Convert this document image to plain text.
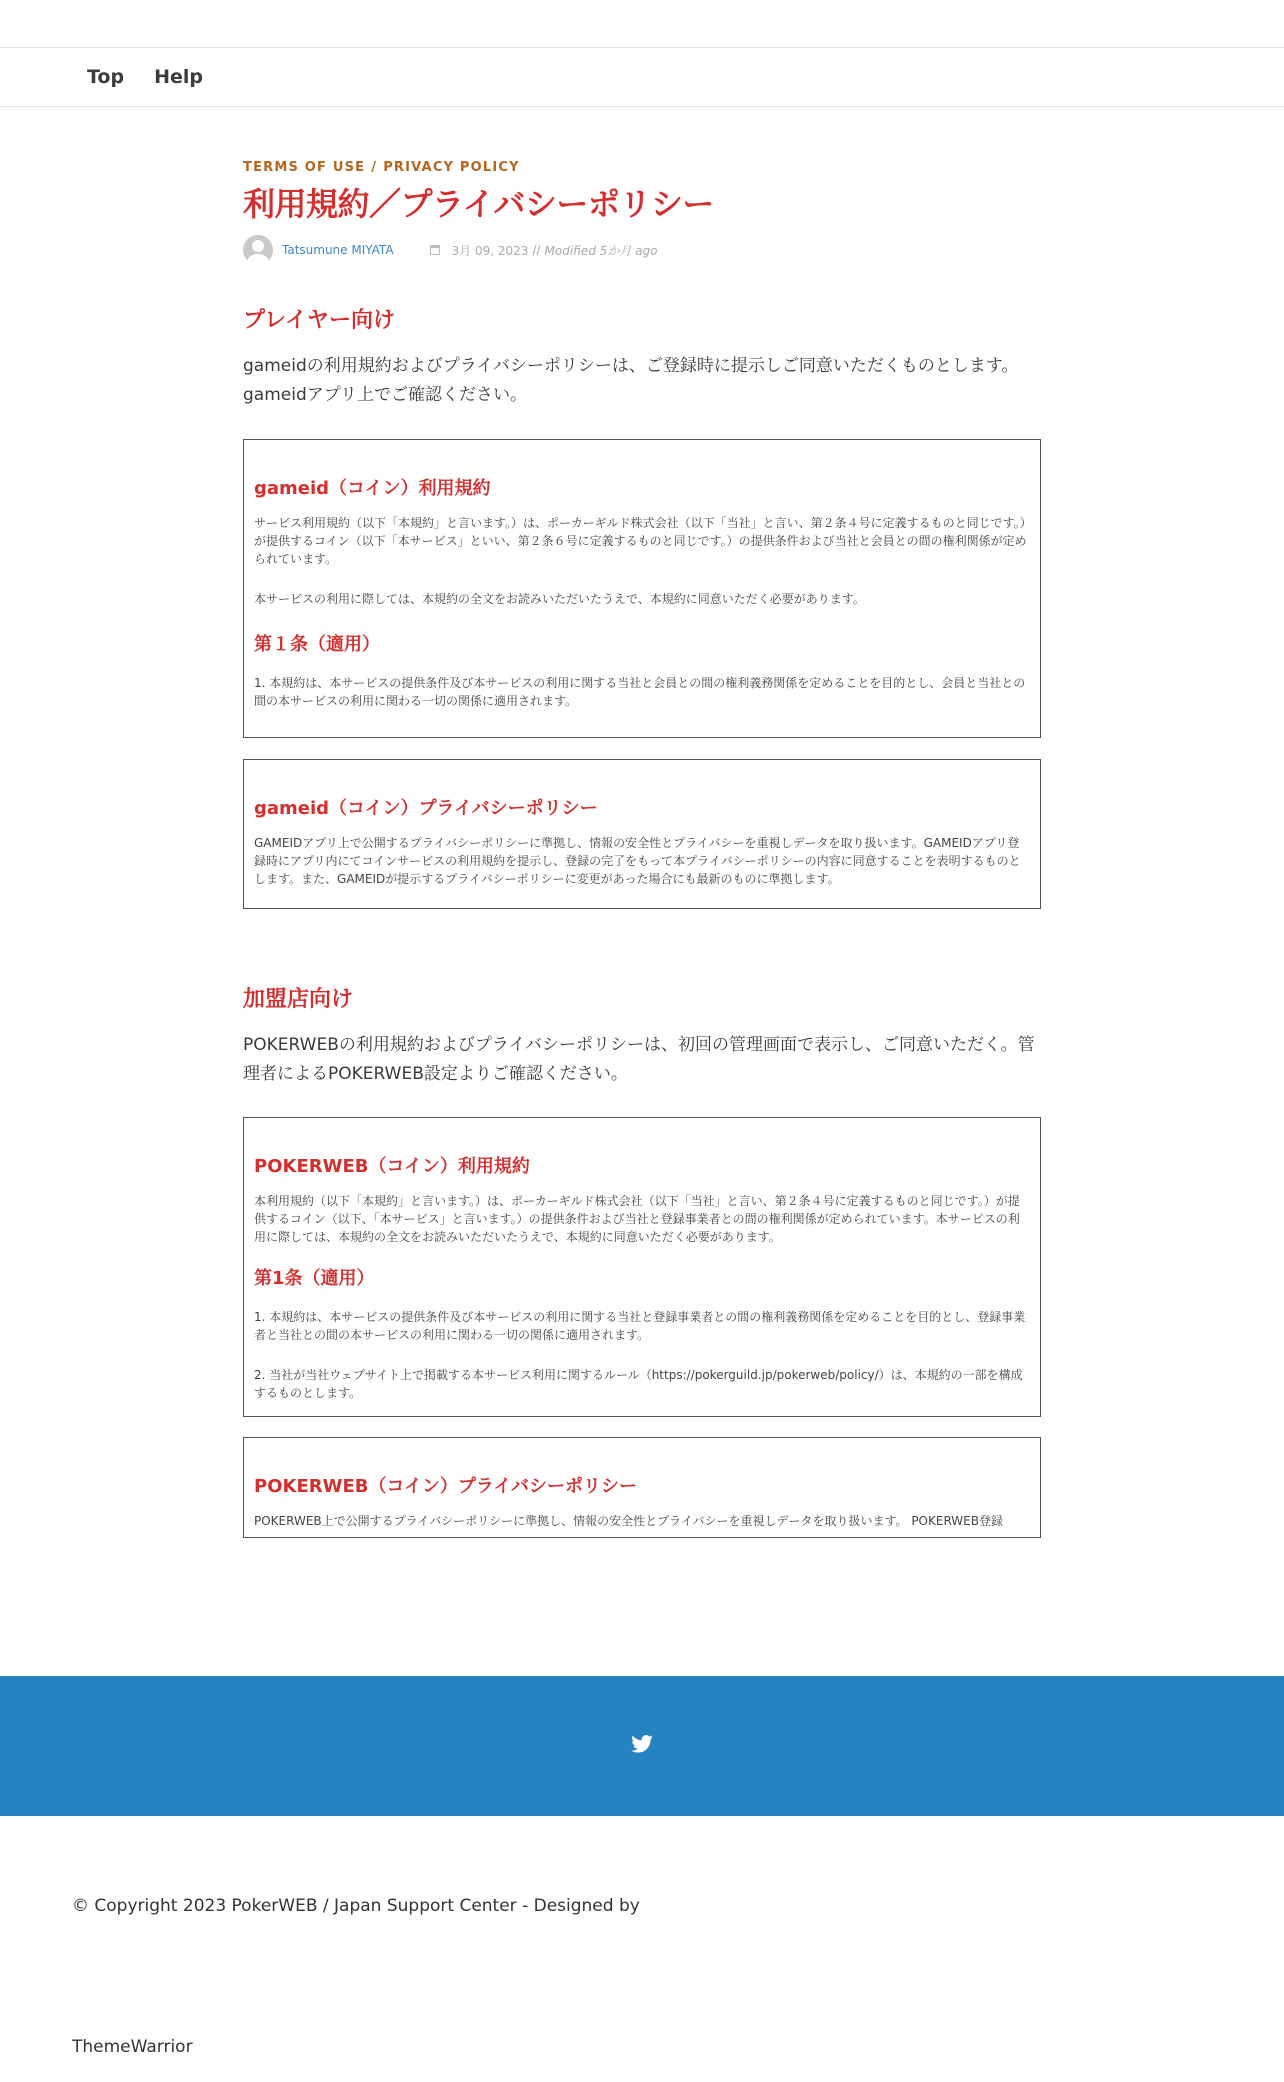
Top Help
TERMS OF USE / PRIVACY POLICY
利用規約／プライバシーポリシー
Tatsumune MIYATA	3月 09, 2023 // Modified 5か月 ago
プレイヤー向け
gameidの利用規約およびプライバシーポリシーは、ご登録時に提示しご同意いただくものとします。
gameidアプリ上でご確認ください。
gameid（コイン）利用規約

サービス利用規約（以下「本規約」と言います。）は、ポーカーギルド株式会社（以下「当社」と言い、第２条４号に定義するものと同じです。）が提供するコイン（以下「本サービス」といい、第２条６号に定義するものと同じです。）の提供条件および当社と会員との間の権利関係が定められています。

本サービスの利用に際しては、本規約の全文をお読みいただいたうえで、本規約に同意いただく必要があります。

第１条（適用）

1. 本規約は、本サービスの提供条件及び本サービスの利用に関する当社と会員との間の権利義務関係を定めることを目的とし、会員と当社との間の本サービスの利用に関わる一切の関係に適用されます。

gameid（コイン）プライバシーポリシー

GAMEIDアプリ上で公開するプライバシーポリシーに準拠し、情報の安全性とプライバシーを重視しデータを取り扱います。GAMEIDアプリ登録時にアプリ内にてコインサービスの利用規約を提示し、登録の完了をもって本プライバシーポリシーの内容に同意することを表明するものとします。また、GAMEIDが提示するプライバシーポリシーに変更があった場合にも最新のものに準拠します。

加盟店向け
POKERWEBの利用規約およびプライバシーポリシーは、初回の管理画面で表示し、ご同意いただく。管
理者によるPOKERWEB設定よりご確認ください。
POKERWEB（コイン）利用規約

本利用規約（以下「本規約」と言います。）は、ポーカーギルド株式会社（以下「当社」と言い、第２条４号に定義するものと同じです。）が提供するコイン（以下、「本サービス」と言います。）の提供条件および当社と登録事業者との間の権利関係が定められています。本サービスの利用に際しては、本規約の全文をお読みいただいたうえで、本規約に同意いただく必要があります。

第1条（適用）

1. 本規約は、本サービスの提供条件及び本サービスの利用に関する当社と登録事業者との間の権利義務関係を定めることを目的とし、登録事業者と当社との間の本サービスの利用に関わる一切の関係に適用されます。

2. 当社が当社ウェブサイト上で掲載する本サービス利用に関するルール（https://pokerguild.jp/pokerweb/policy/）は、本規約の一部を構成するものとします。

POKERWEB（コイン）プライバシーポリシー

POKERWEB上で公開するプライバシーポリシーに準拠し、情報の安全性とプライバシーを重視しデータを取り扱います。 POKERWEB登録

© Copyright 2023 PokerWEB / Japan Support Center - Designed by
ThemeWarrior
